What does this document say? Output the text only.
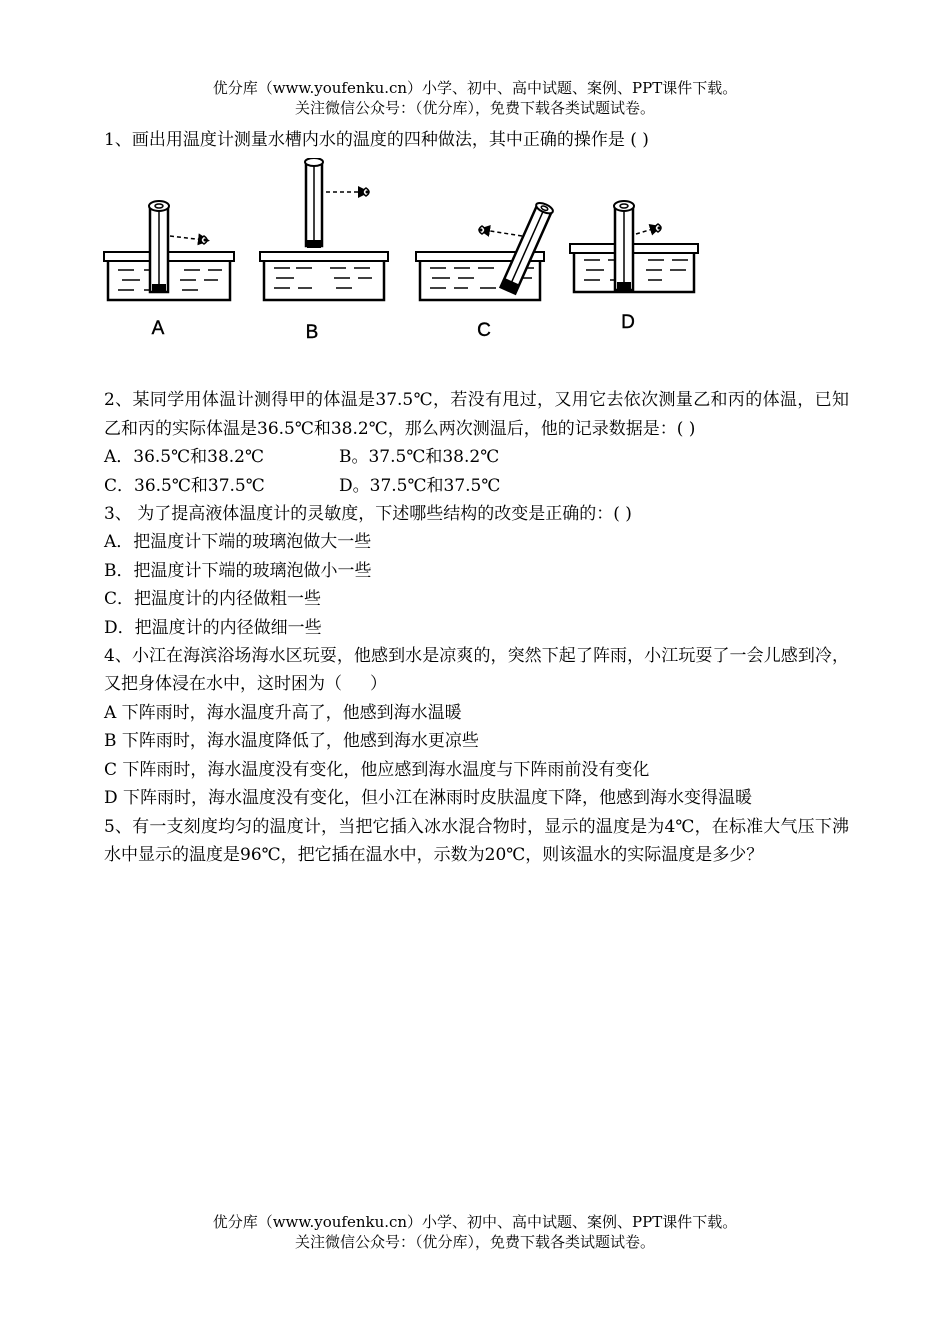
优分库（www.youfenku.cn）小学、初中、高中试题、案例、PPT课件下载。
关注微信公众号：（优分库），免费下载各类试题试卷。
1、画出用温度计测量水槽内水的温度的四种做法，其中正确的操作是 ( )
A	B	C	D
2、某同学用体温计测得甲的体温是37.5℃，若没有甩过，又用它去依次测量乙和丙的体温，已知乙和丙的实际体温是36.5℃和38.2℃，那么两次测温后，他的记录数据是：( )
A．36.5℃和38.2℃	B。37.5℃和38.2℃
C．36.5℃和37.5℃	D。37.5℃和37.5℃
3、 为了提高液体温度计的灵敏度，下述哪些结构的改变是正确的：( )
A．把温度计下端的玻璃泡做大一些
B．把温度计下端的玻璃泡做小一些
C．把温度计的内径做粗一些
D．把温度计的内径做细一些
4、小江在海滨浴场海水区玩耍，他感到水是凉爽的，突然下起了阵雨，小江玩耍了一会儿感到冷，又把身体浸在水中，这时困为（ ）
A 下阵雨时，海水温度升高了，他感到海水温暖
B 下阵雨时，海水温度降低了，他感到海水更凉些
C 下阵雨时，海水温度没有变化，他应感到海水温度与下阵雨前没有变化
D 下阵雨时，海水温度没有变化，但小江在淋雨时皮肤温度下降，他感到海水变得温暖
5、有一支刻度均匀的温度计，当把它插入冰水混合物时，显示的温度是为4℃，在标准大气压下沸水中显示的温度是96℃，把它插在温水中，示数为20℃，则该温水的实际温度是多少？
优分库（www.youfenku.cn）小学、初中、高中试题、案例、PPT课件下载。
关注微信公众号：（优分库），免费下载各类试题试卷。
